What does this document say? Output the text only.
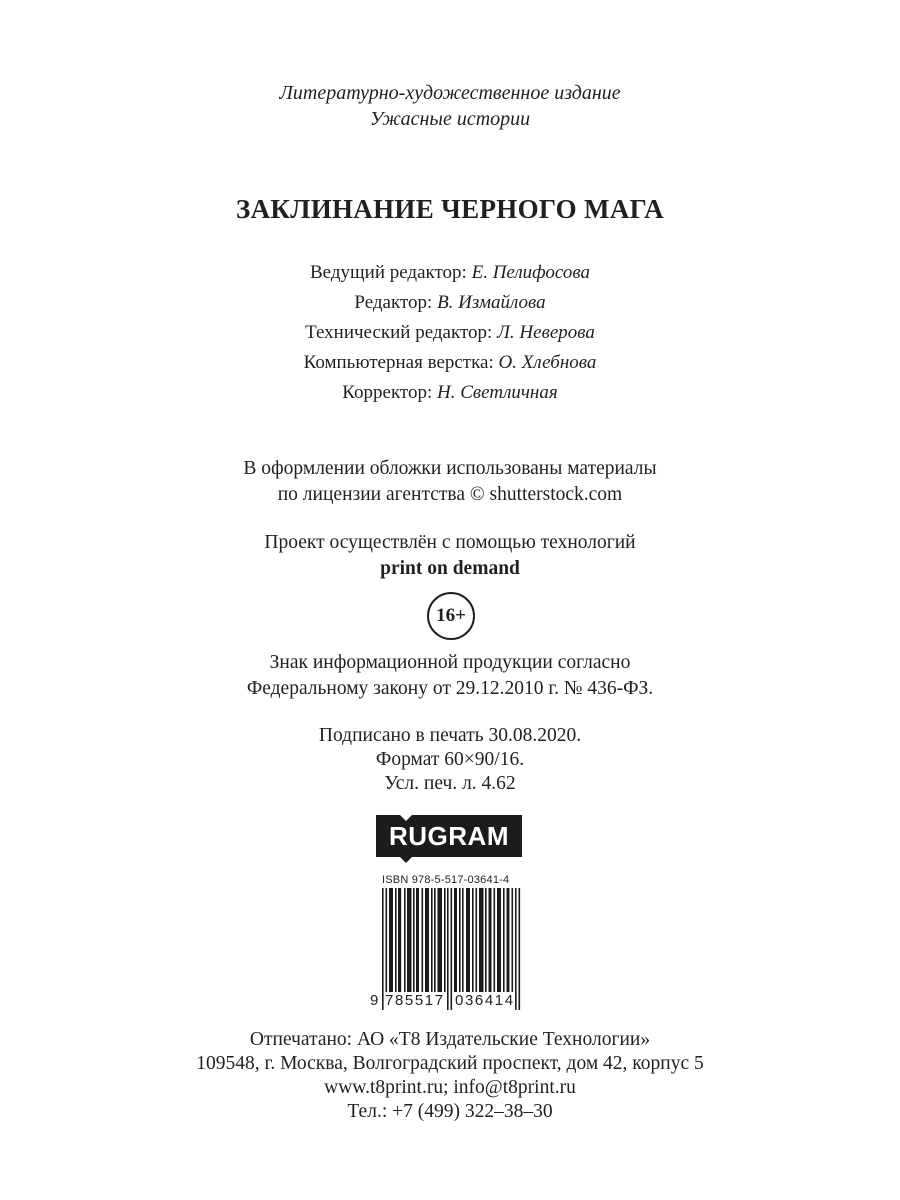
Литературно-художественное издание
Ужасные истории
ЗАКЛИНАНИЕ ЧЕРНОГО МАГА
Ведущий редактор: Е. Пелифосова
Редактор: В. Измайлова
Технический редактор: Л. Неверова
Компьютерная верстка: О. Хлебнова
Корректор: Н. Светличная
В оформлении обложки использованы материалы
по лицензии агентства © shutterstock.com
Проект осуществлён с помощью технологий
print on demand
16+
Знак информационной продукции согласно
Федеральному закону от 29.12.2010 г. № 436-ФЗ.
Подписано в печать 30.08.2020.
Формат 60×90/16.
Усл. печ. л. 4.62
RUGRAM
ISBN 978-5-517-03641-4
9 785517 036414
Отпечатано: АО «Т8 Издательские Технологии»
109548, г. Москва, Волгоградский проспект, дом 42, корпус 5
www.t8print.ru; info@t8print.ru
Тел.: +7 (499) 322–38–30
